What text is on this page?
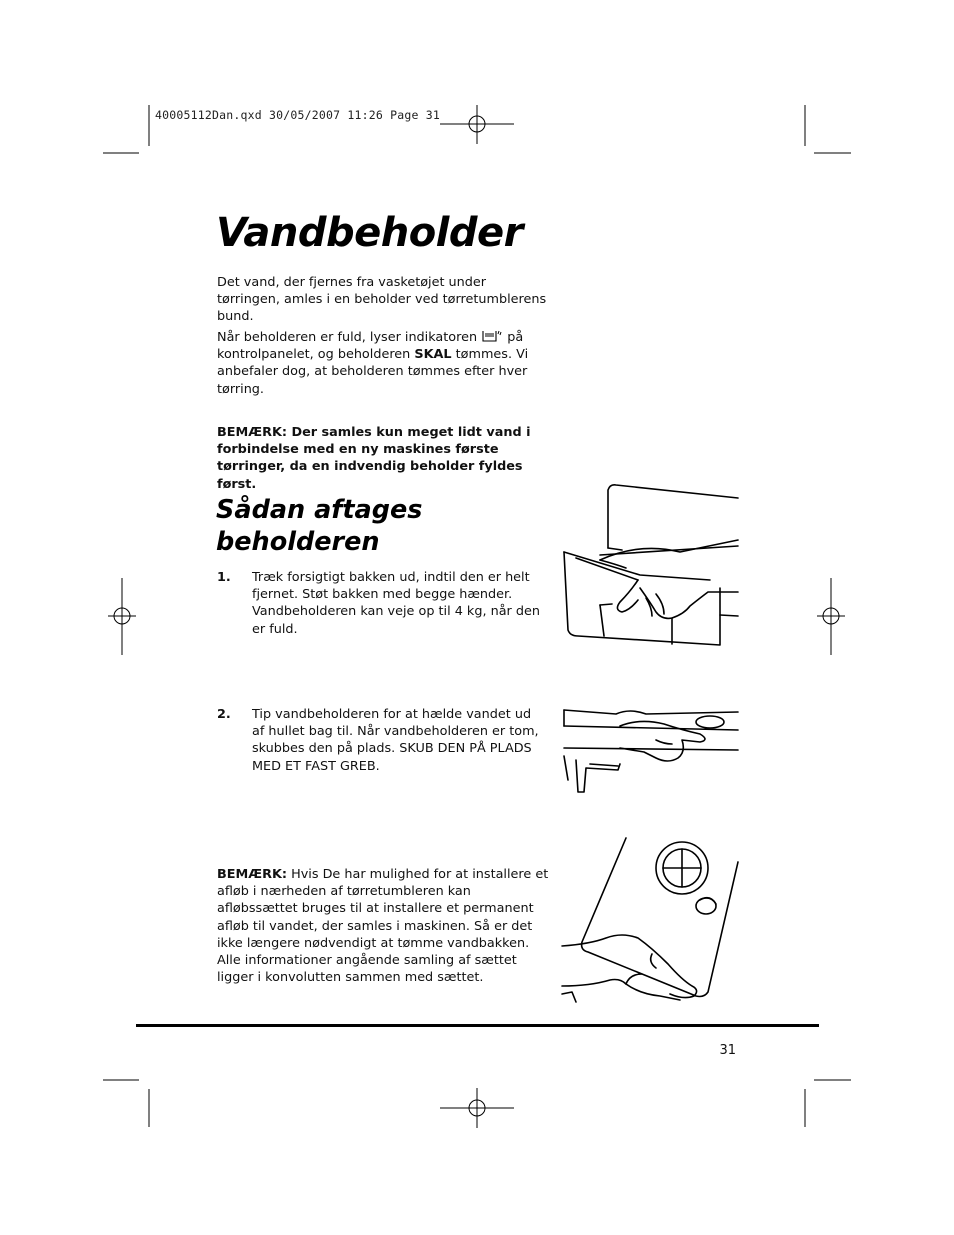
40005112Dan.qxd 30/05/2007 11:26 Page 31
Vandbeholder

Det vand, der fjernes fra vasketøjet under tørringen, amles i en beholder ved tørretumblerens bund.

Når beholderen er fuld, lyser indikatoren på kontrolpanelet, og beholderen SKAL tømmes. Vi anbefaler dog, at beholderen tømmes efter hver tørring.

BEMÆRK: Der samles kun meget lidt vand i forbindelse med en ny maskines første tørringer, da en indvendig beholder fyldes først.

Sådan aftages beholderen
1. Træk forsigtigt bakken ud, indtil den er helt fjernet. Støt bakken med begge hænder. Vandbeholderen kan veje op til 4 kg, når den er fuld.
2. Tip vandbeholderen for at hælde vandet ud af hullet bag til. Når vandbeholderen er tom, skubbes den på plads. SKUB DEN PÅ PLADS MED ET FAST GREB.

BEMÆRK: Hvis De har mulighed for at installere et afløb i nærheden af tørretumbleren kan afløbssættet bruges til at installere et permanent afløb til vandet, der samles i maskinen. Så er det ikke længere nødvendigt at tømme vandbakken. Alle informationer angående samling af sættet ligger i konvolutten sammen med sættet.

31
